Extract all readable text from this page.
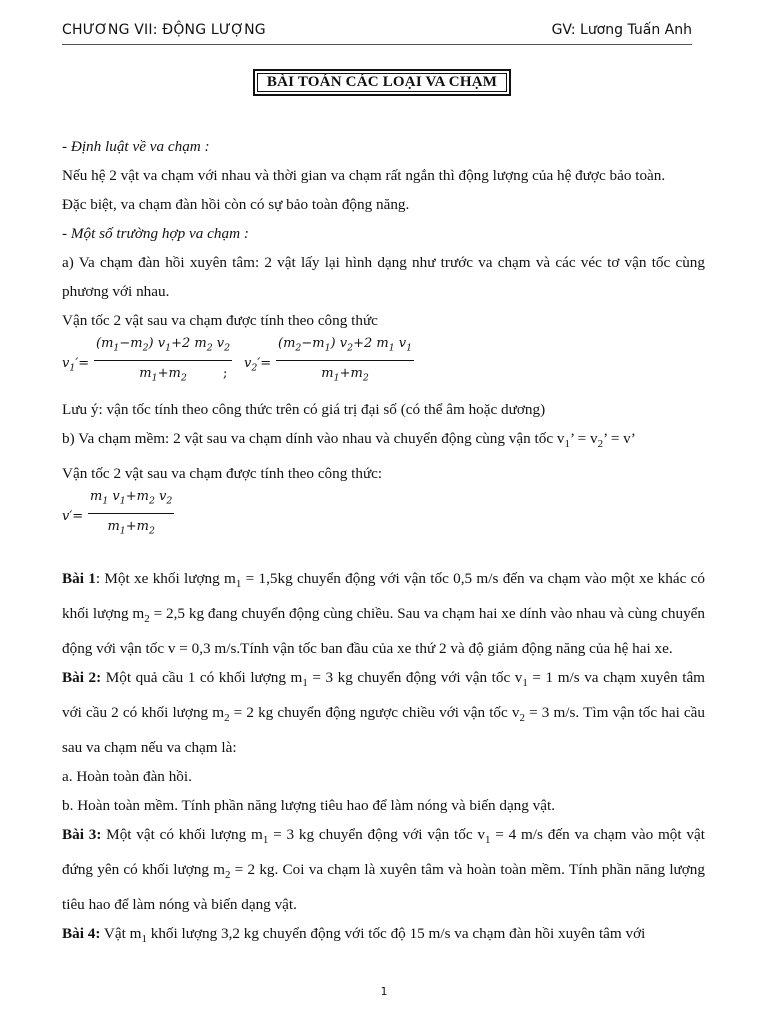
CHƯƠNG VII: ĐỘNG LƯỢNG	GV: Lương Tuấn Anh
BÀI TOÁN CÁC LOẠI VA CHẠM

- Định luật về va chạm :

Nếu hệ 2 vật va chạm với nhau và thời gian va chạm rất ngắn thì động lượng của hệ được bảo toàn.

Đặc biệt, va chạm đàn hồi còn có sự bảo toàn động năng.

- Một số trường hợp va chạm :

a) Va chạm đàn hồi xuyên tâm: 2 vật lấy lại hình dạng như trước va chạm và các véc tơ vận tốc cùng phương với nhau.

Vận tốc 2 vật sau va chạm được tính theo công thức

$v_1'= \frac{(m_1-m_2) v_1+2 m_2 v_2}{m_1+m_2}$
;
$v_2'= \frac{(m_2-m_1) v_2+2 m_1 v_1}{m_1+m_2}$

Lưu ý: vận tốc tính theo công thức trên có giá trị đại số (có thể âm hoặc dương)

b) Va chạm mềm: 2 vật sau va chạm dính vào nhau và chuyển động cùng vận tốc $v_1$’ = $v_2$’ = v’

Vận tốc 2 vật sau va chạm được tính theo công thức:

$v'= \frac{m_1 v_1+m_2 v_2}{m_1+m_2}$

Bài 1: Một xe khối lượng $m_1 = 1,5kg$ chuyển động với vận tốc 0,5 m/s đến va chạm vào một xe khác có khối lượng $m_2 = 2,5$ kg đang chuyển động cùng chiều. Sau va chạm hai xe dính vào nhau và cùng chuyển động với vận tốc v = 0,3 m/s.Tính vận tốc ban đầu của xe thứ 2 và độ giảm động năng của hệ hai xe.

Bài 2: Một quả cầu 1 có khối lượng $m_1 = 3$ kg chuyển động với vận tốc $v_1 = 1$ m/s va chạm xuyên tâm với cầu 2 có khối lượng $m_2 = 2$ kg chuyển động ngược chiều với vận tốc $v_2 = 3$ m/s. Tìm vận tốc hai cầu sau va chạm nếu va chạm là:

a. Hoàn toàn đàn hồi.

b. Hoàn toàn mềm. Tính phần năng lượng tiêu hao để làm nóng và biến dạng vật.

Bài 3: Một vật có khối lượng $m_1 = 3$ kg chuyển động với vận tốc $v_1 = 4$ m/s đến va chạm vào một vật đứng yên có khối lượng $m_2 = 2$ kg. Coi va chạm là xuyên tâm và hoàn toàn mềm. Tính phần năng lượng tiêu hao để làm nóng và biến dạng vật.

Bài 4: Vật $m_1$ khối lượng 3,2 kg chuyển động với tốc độ 15 m/s va chạm đàn hồi xuyên tâm với

1
